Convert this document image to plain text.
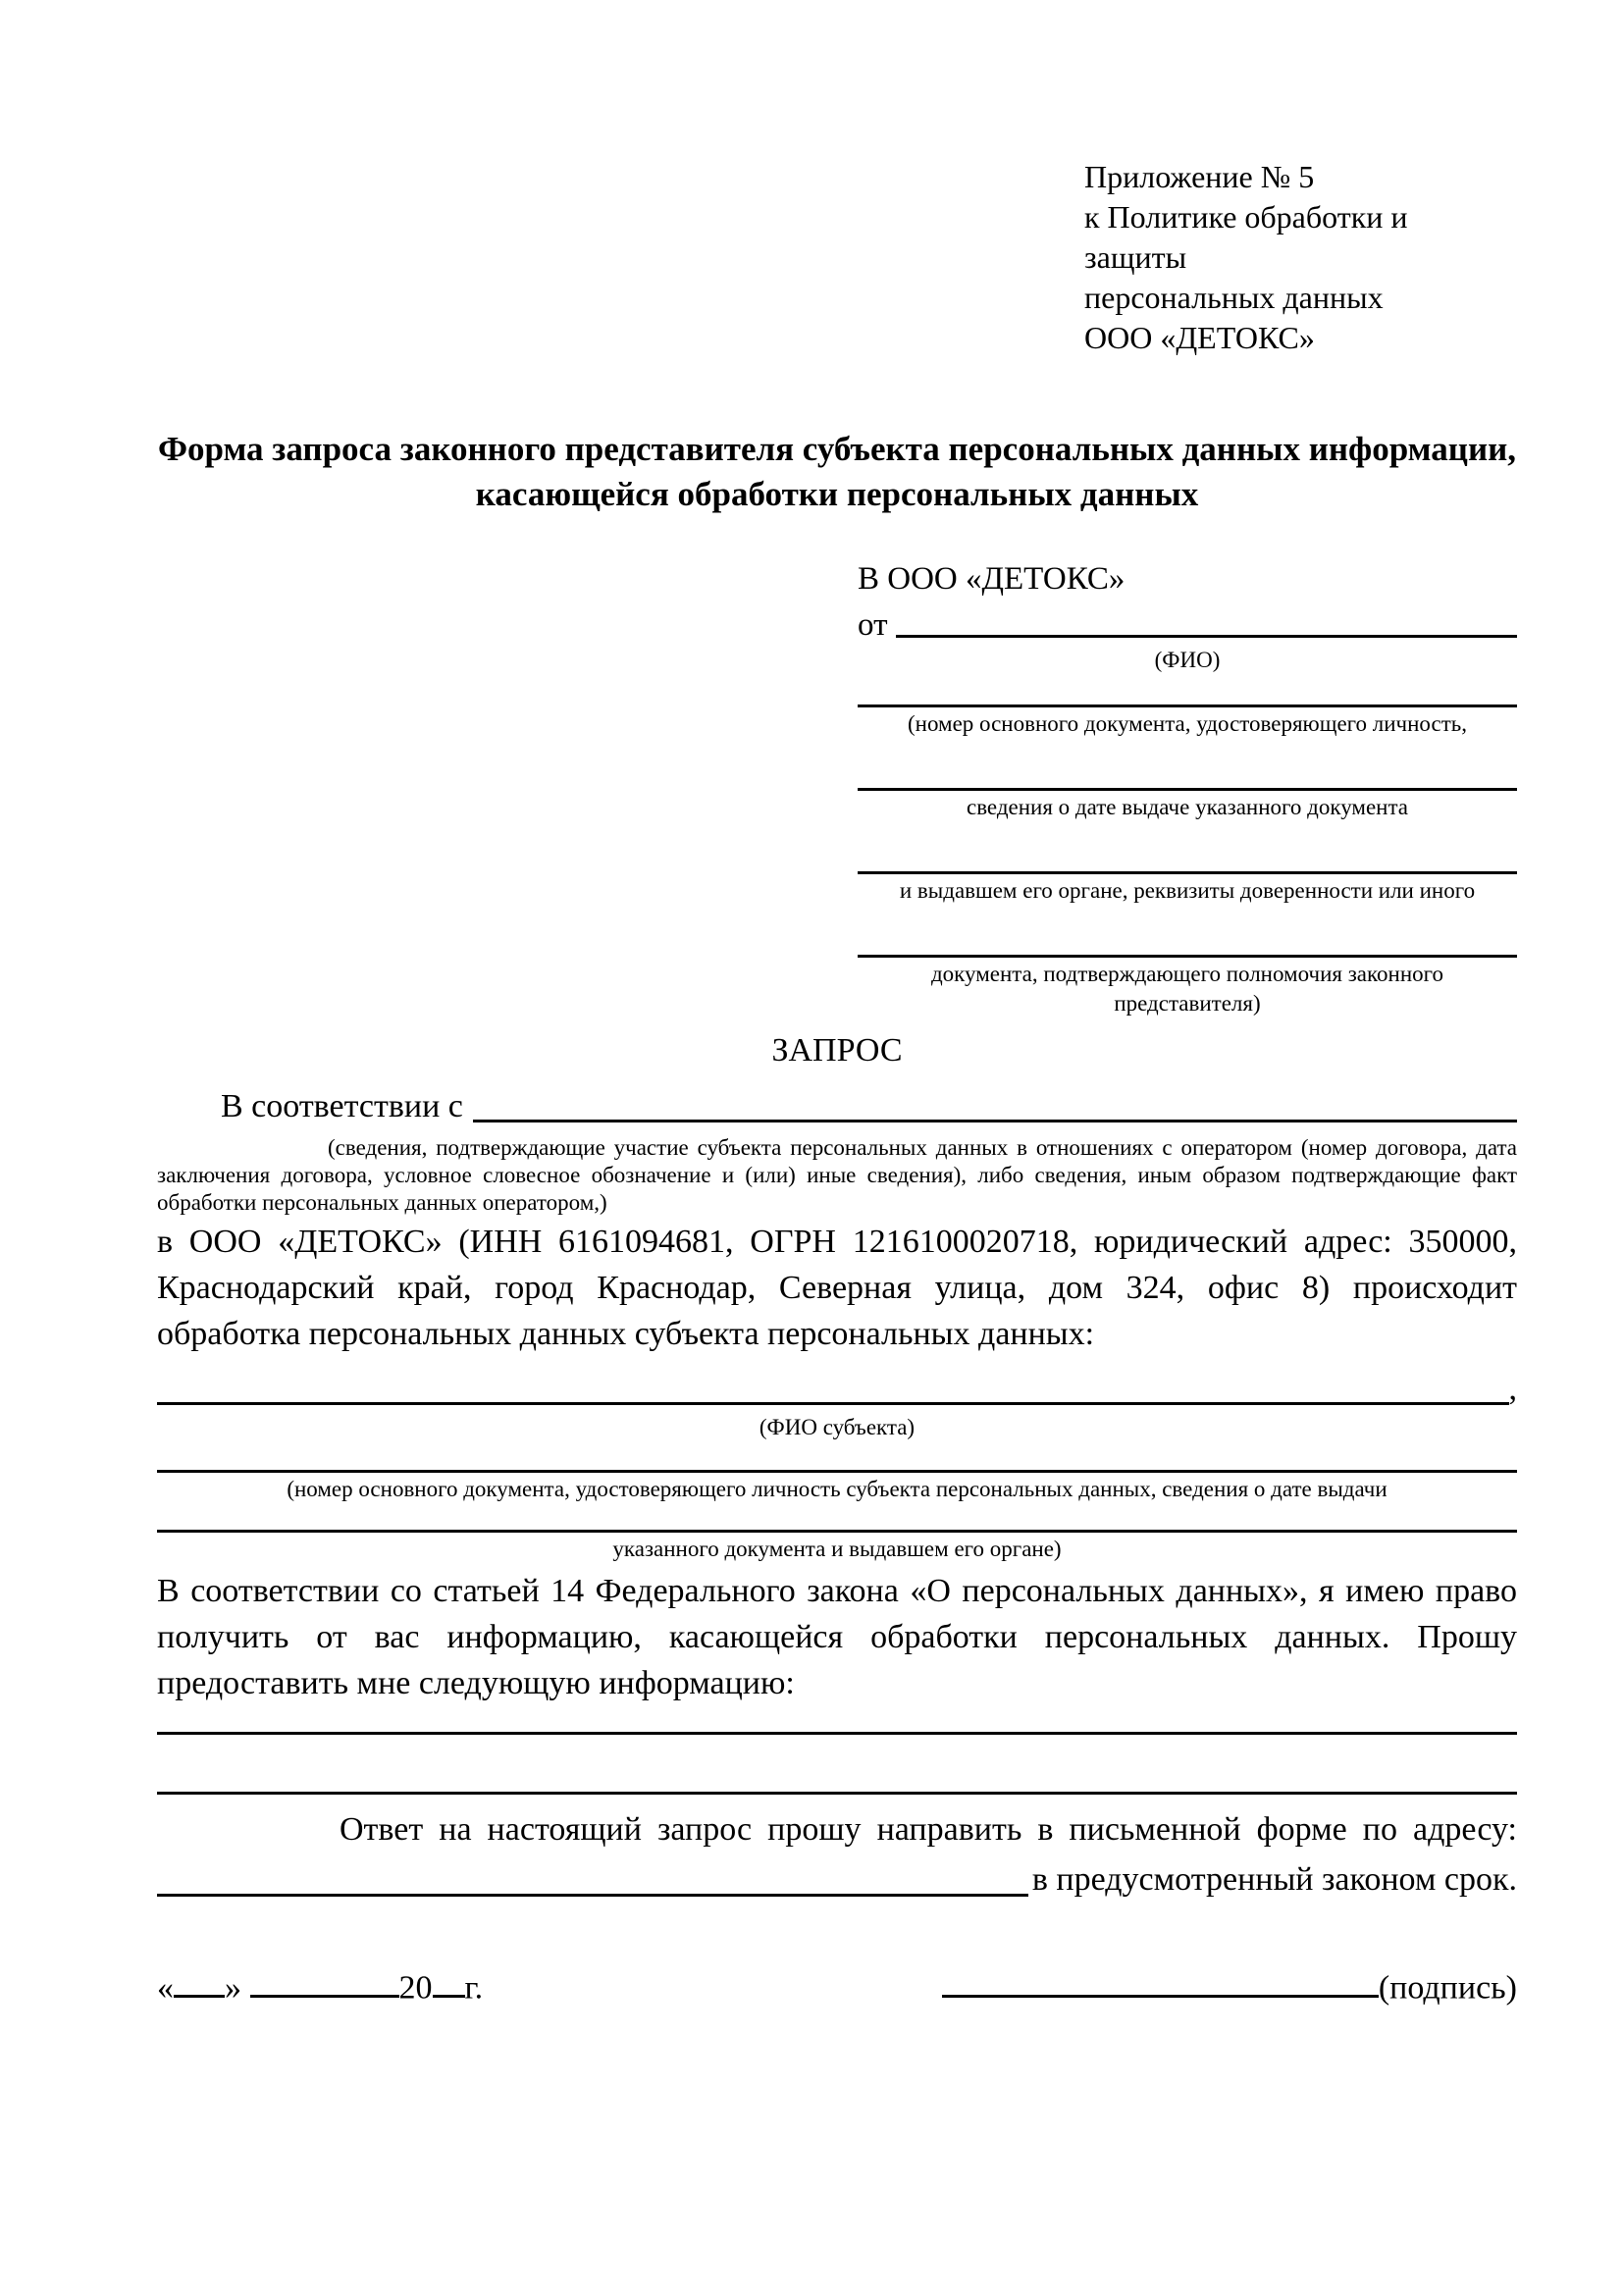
Приложение № 5
к Политике обработки и защиты
персональных данных
ООО «ДЕТОКС»
Форма запроса законного представителя субъекта персональных данных информации, касающейся обработки персональных данных
В ООО «ДЕТОКС»
от
(ФИО)
(номер основного документа, удостоверяющего личность,
сведения о дате выдаче указанного документа
и выдавшем его органе, реквизиты доверенности или иного
документа, подтверждающего полномочия законного представителя)
ЗАПРОС
В соответствии с
(сведения, подтверждающие участие субъекта персональных данных в отношениях с оператором (номер договора, дата заключения договора, условное словесное обозначение и (или) иные сведения), либо сведения, иным образом подтверждающие факт обработки персональных данных оператором,)

в ООО «ДЕТОКС» (ИНН 6161094681, ОГРН 1216100020718, юридический адрес: 350000, Краснодарский край, город Краснодар, Северная улица, дом 324, офис 8) происходит обработка персональных данных субъекта персональных данных:

,
(ФИО субъекта)
(номер основного документа, удостоверяющего личность субъекта персональных данных, сведения о дате выдачи
указанного документа и выдавшем его органе)

В соответствии со статьей 14 Федерального закона «О персональных данных», я имею право получить от вас информацию, касающейся обработки персональных данных. Прошу предоставить мне следующую информацию:

Ответ на настоящий запрос прошу направить в письменной форме по адресу:
в предусмотренный законом срок.
« »	20 г.	(подпись)
